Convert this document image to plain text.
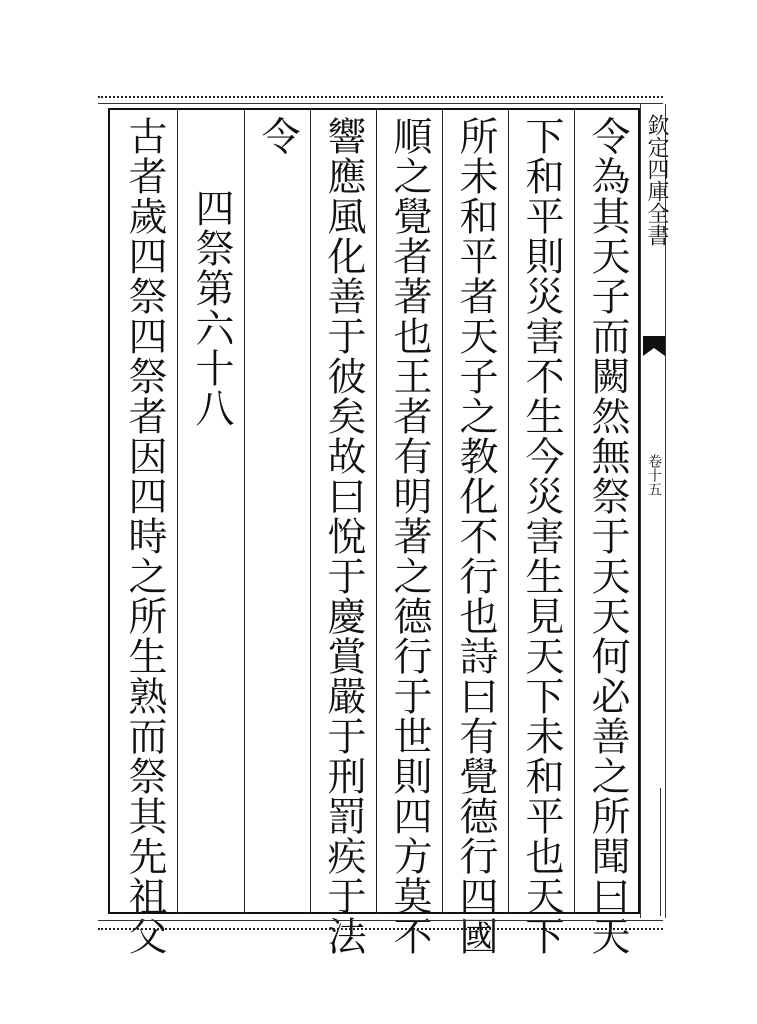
令為其天子而闕然無祭于天天何必善之所聞曰天
下和平則災害不生今災害生見天下未和平也天下
所未和平者天子之教化不行也詩曰有覺德行四國
順之覺者著也王者有明著之德行于世則四方莫不
響應風化善于彼矣故曰悅于慶賞嚴于刑罰疾于法
令
四祭第六十八
古者歲四祭四祭者因四時之所生熟而祭其先祖父	欽定四庫全書
卷十五
